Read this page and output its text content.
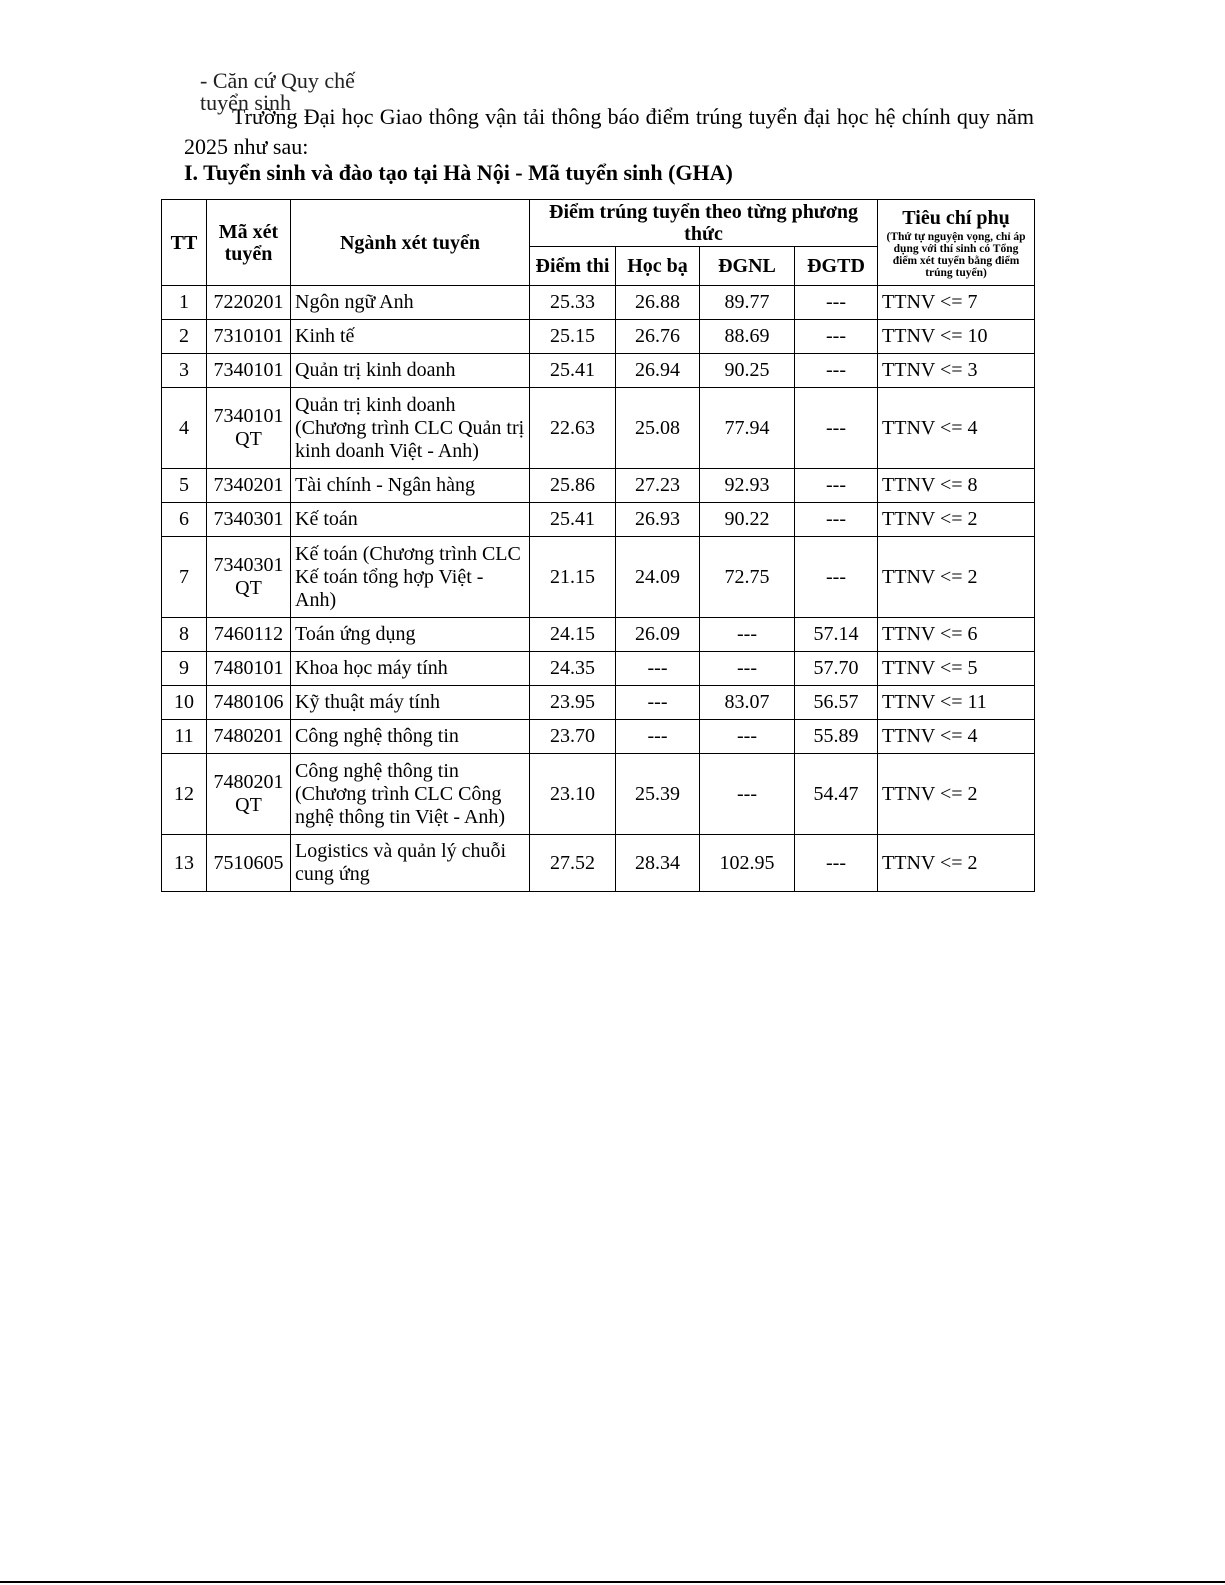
- Căn cứ Quy chế tuyển sinh

Trường Đại học Giao thông vận tải thông báo điểm trúng tuyển đại học hệ chính quy năm 2025 như sau:

I. Tuyển sinh và đào tạo tại Hà Nội - Mã tuyển sinh (GHA)
TT	Mã xét tuyển	Ngành xét tuyển	Điểm trúng tuyển theo từng phương thức				Tiêu chí phụ
(Thứ tự nguyện vọng, chỉ áp dụng với thí sinh có Tổng điểm xét tuyển bằng điểm trúng tuyển)

			Điểm thi	Học bạ	ĐGNL	ĐGTD	
1	7220201	Ngôn ngữ Anh	25.33	26.88	89.77	---	TTNV <= 7
2	7310101	Kinh tế	25.15	26.76	88.69	---	TTNV <= 10
3	7340101	Quản trị kinh doanh	25.41	26.94	90.25	---	TTNV <= 3
4	7340101 QT	Quản trị kinh doanh (Chương trình CLC Quản trị kinh doanh Việt - Anh)	22.63	25.08	77.94	---	TTNV <= 4
5	7340201	Tài chính - Ngân hàng	25.86	27.23	92.93	---	TTNV <= 8
6	7340301	Kế toán	25.41	26.93	90.22	---	TTNV <= 2
7	7340301 QT	Kế toán (Chương trình CLC Kế toán tổng hợp Việt - Anh)	21.15	24.09	72.75	---	TTNV <= 2
8	7460112	Toán ứng dụng	24.15	26.09	---	57.14	TTNV <= 6
9	7480101	Khoa học máy tính	24.35	---	---	57.70	TTNV <= 5
10	7480106	Kỹ thuật máy tính	23.95	---	83.07	56.57	TTNV <= 11
11	7480201	Công nghệ thông tin	23.70	---	---	55.89	TTNV <= 4
12	7480201 QT	Công nghệ thông tin (Chương trình CLC Công nghệ thông tin Việt - Anh)	23.10	25.39	---	54.47	TTNV <= 2
13	7510605	Logistics và quản lý chuỗi cung ứng	27.52	28.34	102.95	---	TTNV <= 2
